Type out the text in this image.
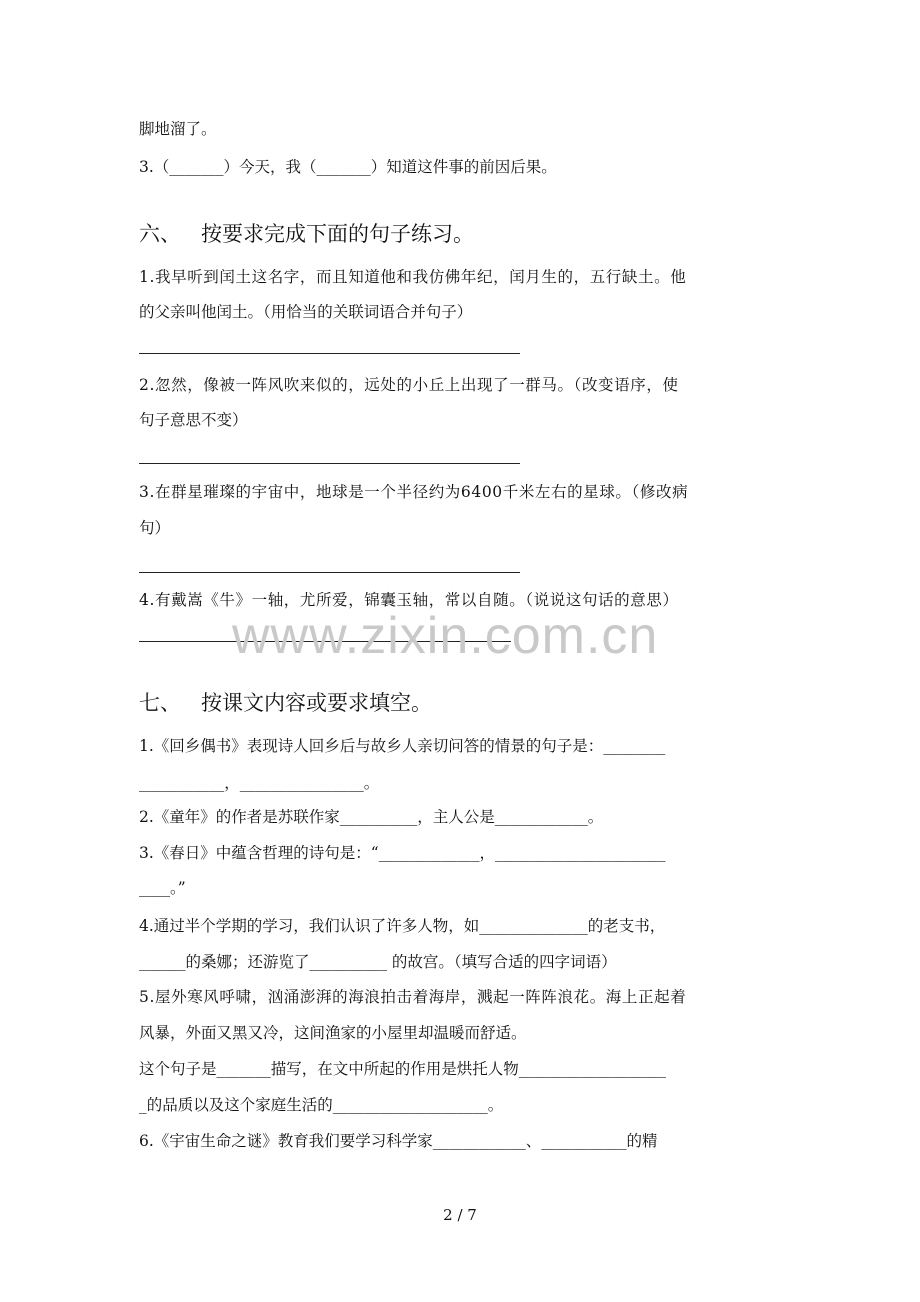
脚地溜了。
3.（_______）今天，我（_______）知道这件事的前因后果。
六、 按要求完成下面的句子练习。
1.我早听到闰土这名字，而且知道他和我仿佛年纪，闰月生的，五行缺土。他
的父亲叫他闰土。（用恰当的关联词语合并句子）
2.忽然，像被一阵风吹来似的，远处的小丘上出现了一群马。（改变语序，使
句子意思不变）
3.在群星璀璨的宇宙中，地球是一个半径约为6400千米左右的星球。（修改病
句）
4.有戴嵩《牛》一轴，尤所爱，锦囊玉轴，常以自随。（说说这句话的意思）
www.zixin.com.cn
七、 按课文内容或要求填空。
1.《回乡偶书》表现诗人回乡后与故乡人亲切问答的情景的句子是：________
___________，________________。
2.《童年》的作者是苏联作家__________，主人公是____________。
3.《春日》中蕴含哲理的诗句是：“_____________，______________________
____。”
4.通过半个学期的学习，我们认识了许多人物，如______________的老支书，
______的桑娜；还游览了__________ 的故宫。（填写合适的四字词语）
5.屋外寒风呼啸，汹涌澎湃的海浪拍击着海岸，溅起一阵阵浪花。海上正起着
风暴，外面又黑又冷，这间渔家的小屋里却温暖而舒适。
这个句子是_______描写，在文中所起的作用是烘托人物___________________
_的品质以及这个家庭生活的____________________。
6.《宇宙生命之谜》教育我们要学习科学家____________、___________的精
2 / 7
